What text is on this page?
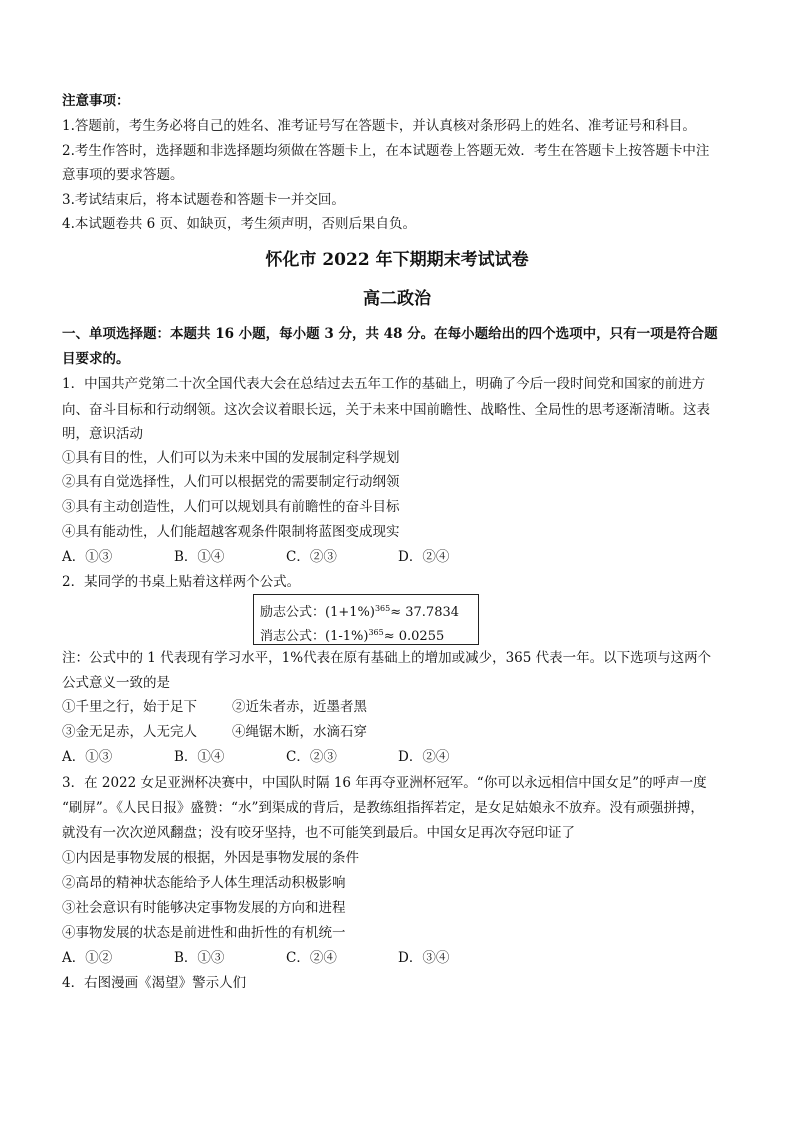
注意事项：
1.答题前，考生务必将自己的姓名、准考证号写在答题卡，并认真核对条形码上的姓名、准考证号和科目。
2.考生作答时，选择题和非选择题均须做在答题卡上，在本试题卷上答题无效．考生在答题卡上按答题卡中注
意事项的要求答题。
3.考试结束后，将本试题卷和答题卡一并交回。
4.本试题卷共 6 页、如缺页，考生须声明，否则后果自负。
怀化市 2022 年下期期末考试试卷
高二政治
一、单项选择题：本题共 16 小题，每小题 3 分，共 48 分。在每小题给出的四个选项中，只有一项是符合题
目要求的。
1．中国共产党第二十次全国代表大会在总结过去五年工作的基础上，明确了今后一段时间党和国家的前进方
向、奋斗目标和行动纲领。这次会议着眼长远，关于未来中国前瞻性、战略性、全局性的思考逐渐清晰。这表
明，意识活动
①具有目的性，人们可以为未来中国的发展制定科学规划
②具有自觉选择性，人们可以根据党的需要制定行动纲领
③具有主动创造性，人们可以规划具有前瞻性的奋斗目标
④具有能动性，人们能超越客观条件限制将蓝图变成现实
A．①③	B．①④	C．②③	D．②④
2．某同学的书桌上贴着这样两个公式。
励志公式：$(1+1\%)^{365}\approx 37.7834$
消志公式：$(1-1\%)^{365}\approx 0.0255$
注：公式中的 1 代表现有学习水平，1%代表在原有基础上的增加或减少，365 代表一年。以下选项与这两个
公式意义一致的是
①千里之行，始于足下	②近朱者赤，近墨者黑
③金无足赤，人无完人	④绳锯木断，水滴石穿
A．①③	B．①④	C．②③	D．②④
3．在 2022 女足亚洲杯决赛中，中国队时隔 16 年再夺亚洲杯冠军。“你可以永远相信中国女足”的呼声一度
“刷屏”。《人民日报》盛赞：“水”到渠成的背后，是教练组指挥若定，是女足姑娘永不放弃。没有顽强拼搏，
就没有一次次逆风翻盘；没有咬牙坚持，也不可能笑到最后。中国女足再次夺冠印证了
①内因是事物发展的根据，外因是事物发展的条件
②高昂的精神状态能给予人体生理活动积极影响
③社会意识有时能够决定事物发展的方向和进程
④事物发展的状态是前进性和曲折性的有机统一
A．①②	B．①③	C．②④	D．③④
4．右图漫画《渴望》警示人们
